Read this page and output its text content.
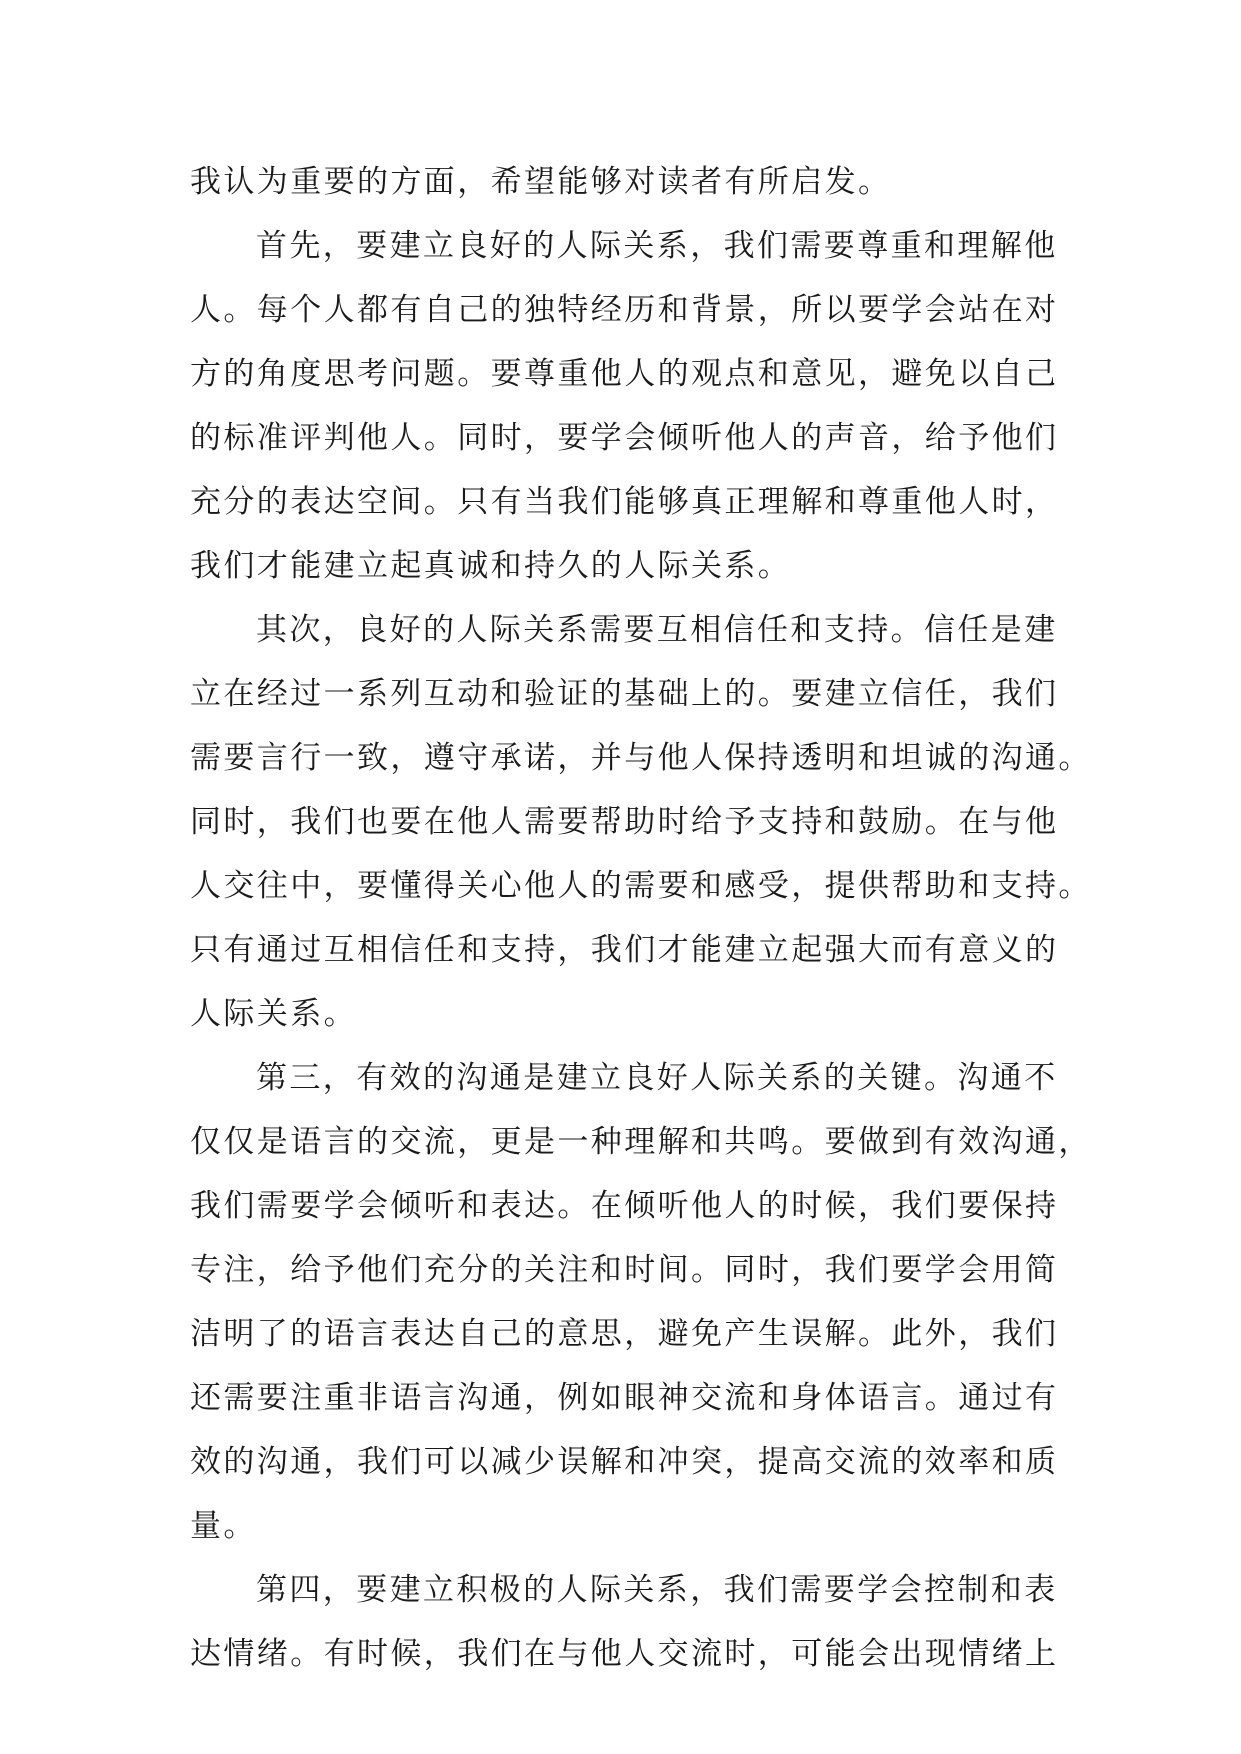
我认为重要的方面，希望能够对读者有所启发。
首先，要建立良好的人际关系，我们需要尊重和理解他
人。每个人都有自己的独特经历和背景，所以要学会站在对
方的角度思考问题。要尊重他人的观点和意见，避免以自己
的标准评判他人。同时，要学会倾听他人的声音，给予他们
充分的表达空间。只有当我们能够真正理解和尊重他人时，
我们才能建立起真诚和持久的人际关系。
其次，良好的人际关系需要互相信任和支持。信任是建
立在经过一系列互动和验证的基础上的。要建立信任，我们
需要言行一致，遵守承诺，并与他人保持透明和坦诚的沟通。
同时，我们也要在他人需要帮助时给予支持和鼓励。在与他
人交往中，要懂得关心他人的需要和感受，提供帮助和支持。
只有通过互相信任和支持，我们才能建立起强大而有意义的
人际关系。
第三，有效的沟通是建立良好人际关系的关键。沟通不
仅仅是语言的交流，更是一种理解和共鸣。要做到有效沟通，
我们需要学会倾听和表达。在倾听他人的时候，我们要保持
专注，给予他们充分的关注和时间。同时，我们要学会用简
洁明了的语言表达自己的意思，避免产生误解。此外，我们
还需要注重非语言沟通，例如眼神交流和身体语言。通过有
效的沟通，我们可以减少误解和冲突，提高交流的效率和质
量。
第四，要建立积极的人际关系，我们需要学会控制和表
达情绪。有时候，我们在与他人交流时，可能会出现情绪上
